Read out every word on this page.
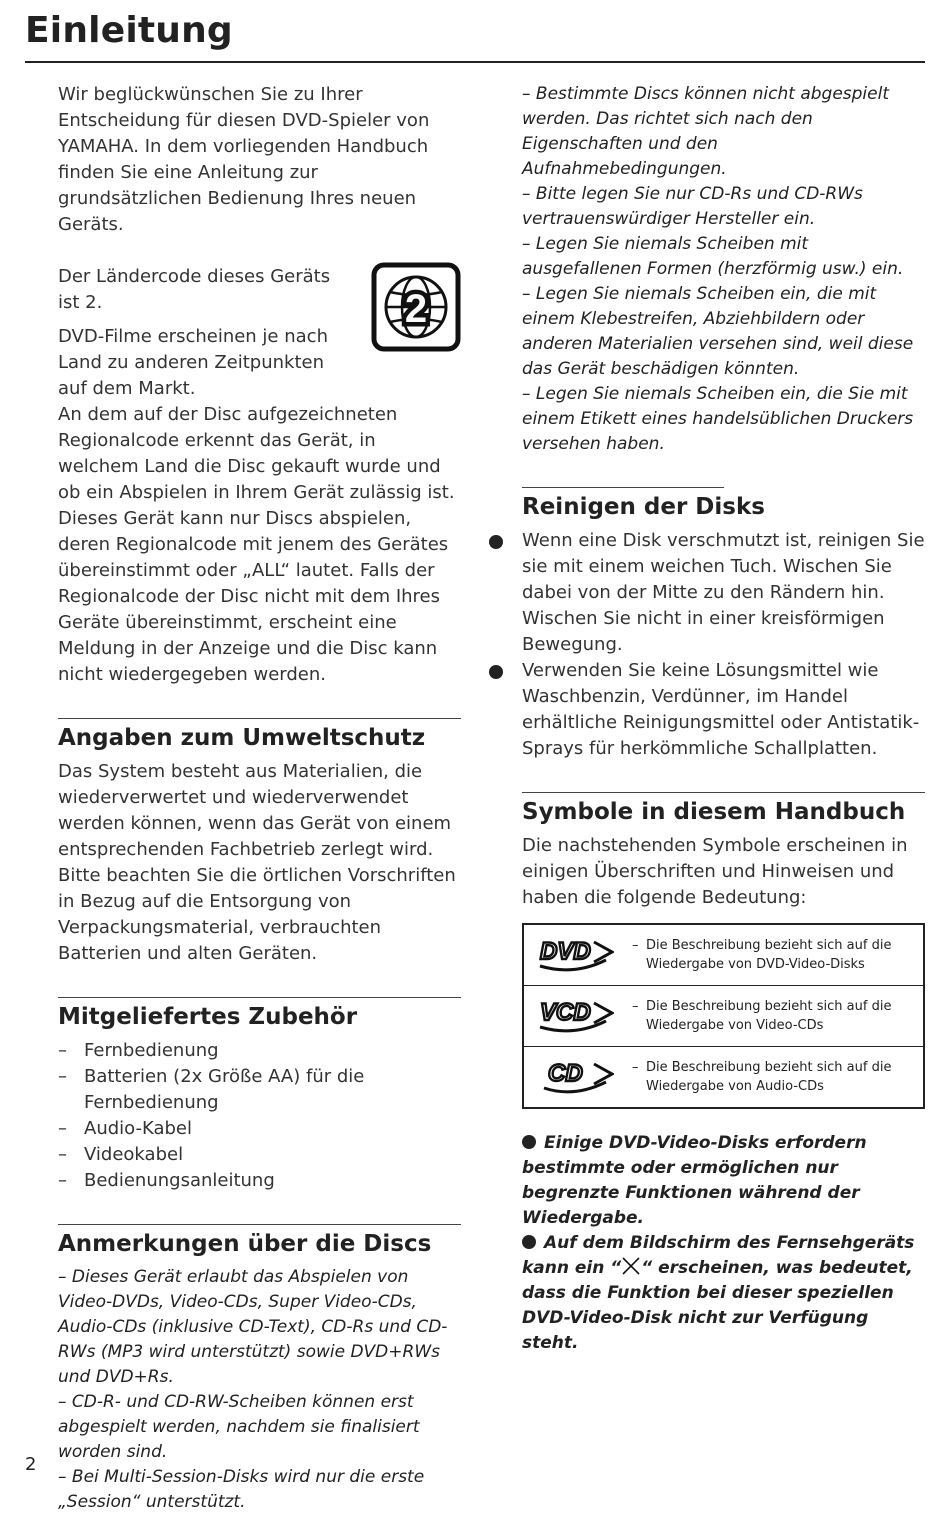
Einleitung

Wir beglückwünschen Sie zu Ihrer Entscheidung für diesen DVD-Spieler von YAMAHA. In dem vorliegenden Handbuch finden Sie eine Anleitung zur grundsätzlichen Bedienung Ihres neuen Geräts.

2

Der Ländercode dieses Geräts ist 2.

DVD-Filme erscheinen je nach Land zu anderen Zeitpunkten auf dem Markt.
An dem auf der Disc aufgezeichneten Regionalcode erkennt das Gerät, in welchem Land die Disc gekauft wurde und ob ein Abspielen in Ihrem Gerät zulässig ist. Dieses Gerät kann nur Discs abspielen, deren Regionalcode mit jenem des Gerätes übereinstimmt oder „ALL“ lautet. Falls der Regionalcode der Disc nicht mit dem Ihres Geräte übereinstimmt, erscheint eine Meldung in der Anzeige und die Disc kann nicht wiedergegeben werden.

Angaben zum Umweltschutz

Das System besteht aus Materialien, die wiederverwertet und wiederverwendet werden können, wenn das Gerät von einem entsprechenden Fachbetrieb zerlegt wird. Bitte beachten Sie die örtlichen Vorschriften in Bezug auf die Entsorgung von Verpackungsmaterial, verbrauchten Batterien und alten Geräten.

Mitgeliefertes Zubehör
– Fernbedienung
– Batterien (2x Größe AA) für die Fernbedienung
– Audio-Kabel
– Videokabel
– Bedienungsanleitung
Anmerkungen über die Discs

– Dieses Gerät erlaubt das Abspielen von Video-DVDs, Video-CDs, Super Video-CDs, Audio-CDs (inklusive CD-Text), CD-Rs und CD-RWs (MP3 wird unterstützt) sowie DVD+RWs und DVD+Rs.

– CD-R- und CD-RW-Scheiben können erst abgespielt werden, nachdem sie finalisiert worden sind.

– Bei Multi-Session-Disks wird nur die erste „Session“ unterstützt.

– Bestimmte Discs können nicht abgespielt werden. Das richtet sich nach den Eigenschaften und den Aufnahmebedingungen.

– Bitte legen Sie nur CD-Rs und CD-RWs vertrauenswürdiger Hersteller ein.

– Legen Sie niemals Scheiben mit ausgefallenen Formen (herzförmig usw.) ein.

– Legen Sie niemals Scheiben ein, die mit einem Klebestreifen, Abziehbildern oder anderen Materialien versehen sind, weil diese das Gerät beschädigen könnten.

– Legen Sie niemals Scheiben ein, die Sie mit einem Etikett eines handelsüblichen Druckers versehen haben.

Reinigen der Disks
Wenn eine Disk verschmutzt ist, reinigen Sie sie mit einem weichen Tuch. Wischen Sie dabei von der Mitte zu den Rändern hin. Wischen Sie nicht in einer kreisförmigen Bewegung.
Verwenden Sie keine Lösungsmittel wie Waschbenzin, Verdünner, im Handel erhältliche Reinigungsmittel oder Antistatik-Sprays für herkömmliche Schallplatten.
Symbole in diesem Handbuch

Die nachstehenden Symbole erscheinen in einigen Überschriften und Hinweisen und haben die folgende Bedeutung:

DVD	– Die Beschreibung bezieht sich auf die
Wiedergabe von DVD-Video-Disks
VCD	– Die Beschreibung bezieht sich auf die
Wiedergabe von Video-CDs
CD	– Die Beschreibung bezieht sich auf die
Wiedergabe von Audio-CDs

Einige DVD-Video-Disks erfordern bestimmte oder ermöglichen nur begrenzte Funktionen während der Wiedergabe.

Auf dem Bildschirm des Fernsehgeräts kann ein “ “ erscheinen, was bedeutet, dass die Funktion bei dieser speziellen DVD-Video-Disk nicht zur Verfügung steht.

2
